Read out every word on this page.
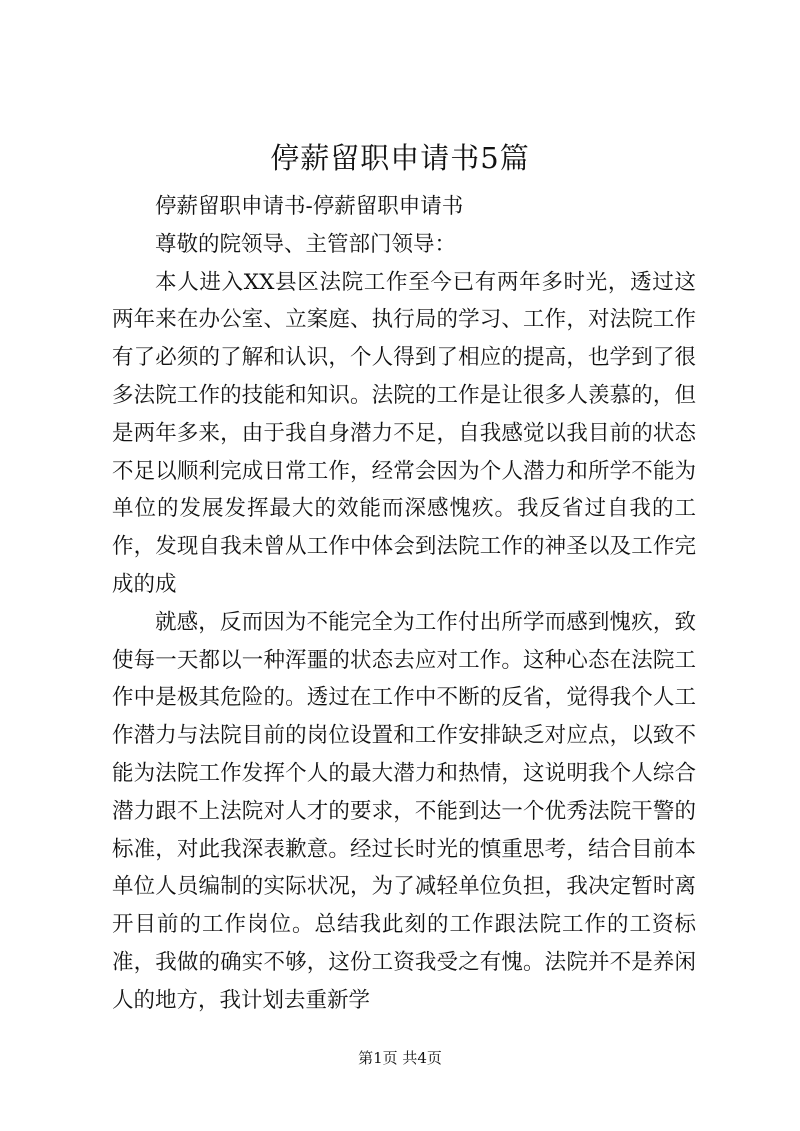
停薪留职申请书5篇

停薪留职申请书-停薪留职申请书

尊敬的院领导、主管部门领导：

本人进入XX县区法院工作至今已有两年多时光，透过这两年来在办公室、立案庭、执行局的学习、工作，对法院工作有了必须的了解和认识，个人得到了相应的提高，也学到了很多法院工作的技能和知识。法院的工作是让很多人羡慕的，但是两年多来，由于我自身潜力不足，自我感觉以我目前的状态不足以顺利完成日常工作，经常会因为个人潜力和所学不能为单位的发展发挥最大的效能而深感愧疚。我反省过自我的工作，发现自我未曾从工作中体会到法院工作的神圣以及工作完成的成

就感，反而因为不能完全为工作付出所学而感到愧疚，致使每一天都以一种浑噩的状态去应对工作。这种心态在法院工作中是极其危险的。透过在工作中不断的反省，觉得我个人工作潜力与法院目前的岗位设置和工作安排缺乏对应点，以致不能为法院工作发挥个人的最大潜力和热情，这说明我个人综合潜力跟不上法院对人才的要求，不能到达一个优秀法院干警的标准，对此我深表歉意。经过长时光的慎重思考，结合目前本单位人员编制的实际状况，为了减轻单位负担，我决定暂时离开目前的工作岗位。总结我此刻的工作跟法院工作的工资标准，我做的确实不够，这份工资我受之有愧。法院并不是养闲人的地方，我计划去重新学

第1页 共4页
